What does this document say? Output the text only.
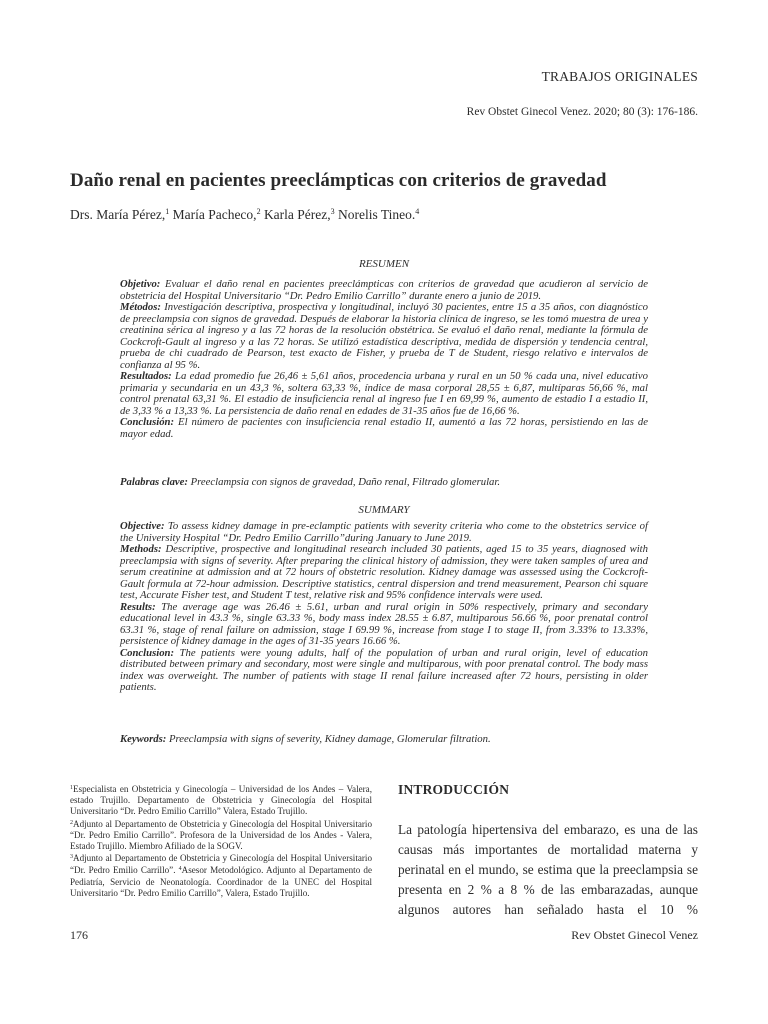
TRABAJOS ORIGINALES
Rev Obstet Ginecol Venez. 2020; 80 (3): 176-186.
Daño renal en pacientes preeclámpticas con criterios de gravedad
Drs. María Pérez,$^1$ María Pacheco,$^2$ Karla Pérez,$^3$ Norelis Tineo.$^4$
RESUMEN

Objetivo: Evaluar el daño renal en pacientes preeclámpticas con criterios de gravedad que acudieron al servicio de obstetricia del Hospital Universitario “Dr. Pedro Emilio Carrillo” durante enero a junio de 2019.

Métodos: Investigación descriptiva, prospectiva y longitudinal, incluyó 30 pacientes, entre 15 a 35 años, con diagnóstico de preeclampsia con signos de gravedad. Después de elaborar la historia clínica de ingreso, se les tomó muestra de urea y creatinina sérica al ingreso y a las 72 horas de la resolución obstétrica. Se evaluó el daño renal, mediante la fórmula de Cockcroft-Gault al ingreso y a las 72 horas. Se utilizó estadística descriptiva, medida de dispersión y tendencia central, prueba de chi cuadrado de Pearson, test exacto de Fisher, y prueba de T de Student, riesgo relativo e intervalos de confianza al 95 %.

Resultados: La edad promedio fue 26,46 ± 5,61 años, procedencia urbana y rural en un 50 % cada una, nivel educativo primaria y secundaria en un 43,3 %, soltera 63,33 %, índice de masa corporal 28,55 ± 6,87, multíparas 56,66 %, mal control prenatal 63,31 %. El estadio de insuficiencia renal al ingreso fue I en 69,99 %, aumento de estadio I a estadio II, de 3,33 % a 13,33 %. La persistencia de daño renal en edades de 31-35 años fue de 16,66 %.

Conclusión: El número de pacientes con insuficiencia renal estadio II, aumentó a las 72 horas, persistiendo en las de mayor edad.

Palabras clave: Preeclampsia con signos de gravedad, Daño renal, Filtrado glomerular.

SUMMARY

Objective: To assess kidney damage in pre-eclamptic patients with severity criteria who come to the obstetrics service of the University Hospital “Dr. Pedro Emilio Carrillo”during January to June 2019.

Methods: Descriptive, prospective and longitudinal research included 30 patients, aged 15 to 35 years, diagnosed with preeclampsia with signs of severity. After preparing the clinical history of admission, they were taken samples of urea and serum creatinine at admission and at 72 hours of obstetric resolution. Kidney damage was assessed using the Cockcroft-Gault formula at 72-hour admission. Descriptive statistics, central dispersion and trend measurement, Pearson chi square test, Accurate Fisher test, and Student T test, relative risk and 95% confidence intervals were used.

Results: The average age was 26.46 ± 5.61, urban and rural origin in 50% respectively, primary and secondary educational level in 43.3 %, single 63.33 %, body mass index 28.55 ± 6.87, multiparous 56.66 %, poor prenatal control 63.31 %, stage of renal failure on admission, stage I 69.99 %, increase from stage I to stage II, from 3.33% to 13.33%, persistence of kidney damage in the ages of 31-35 years 16.66 %.

Conclusion: The patients were young adults, half of the population of urban and rural origin, level of education distributed between primary and secondary, most were single and multiparous, with poor prenatal control. The body mass index was overweight. The number of patients with stage II renal failure increased after 72 hours, persisting in older patients.

Keywords: Preeclampsia with signs of severity, Kidney damage, Glomerular filtration.

$^1$Especialista en Obstetricia y Ginecología – Universidad de los Andes – Valera, estado Trujillo. Departamento de Obstetricia y Ginecología del Hospital Universitario “Dr. Pedro Emilio Carrillo” Valera, Estado Trujillo.

$^2$Adjunto al Departamento de Obstetricia y Ginecología del Hospital Universitario “Dr. Pedro Emilio Carrillo”. Profesora de la Universidad de los Andes - Valera, Estado Trujillo. Miembro Afiliado de la SOGV.

$^3$Adjunto al Departamento de Obstetricia y Ginecología del Hospital Universitario “Dr. Pedro Emilio Carrillo”. $^4$Asesor Metodológico. Adjunto al Departamento de Pediatría, Servicio de Neonatología. Coordinador de la UNEC del Hospital Universitario “Dr. Pedro Emilio Carrillo”, Valera, Estado Trujillo.

INTRODUCCIÓN
La patología hipertensiva del embarazo, es una de las causas más importantes de mortalidad materna y perinatal en el mundo, se estima que la preeclampsia se presenta en 2 % a 8 % de las embarazadas, aunque algunos autores han señalado hasta el 10 %
176	Rev Obstet Ginecol Venez
